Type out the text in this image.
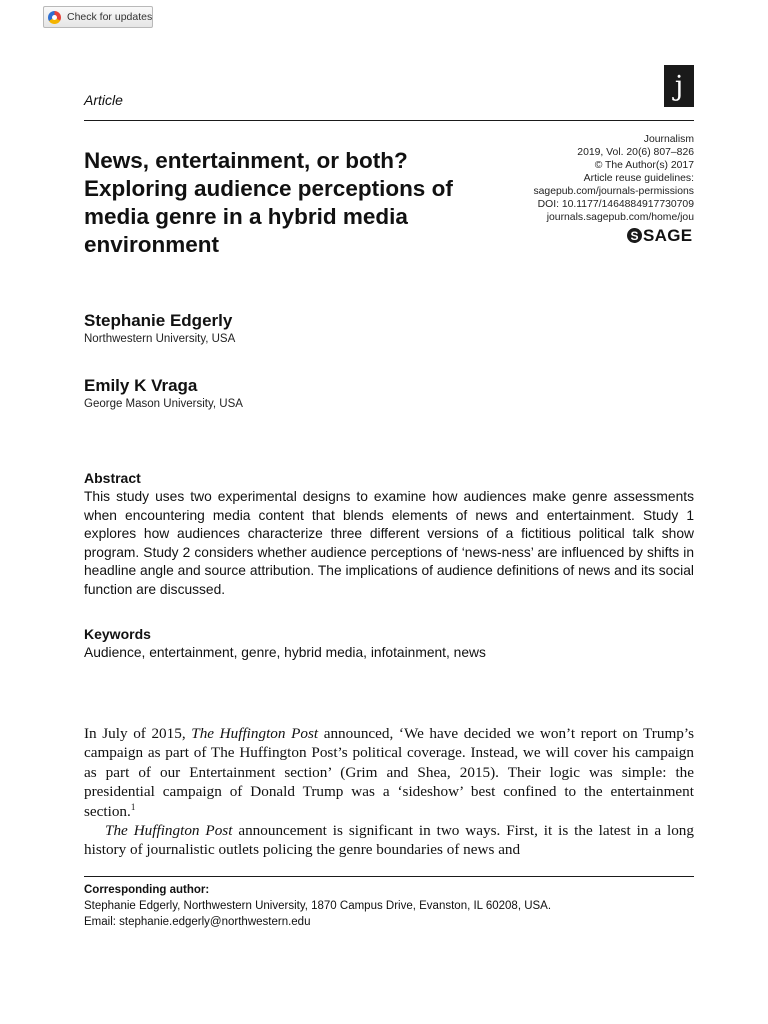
Check for updates
j
Article
News, entertainment, or both? Exploring audience perceptions of media genre in a hybrid media environment
Journalism
2019, Vol. 20(6) 807–826
© The Author(s) 2017
Article reuse guidelines:
sagepub.com/journals-permissions
DOI: 10.1177/1464884917730709
journals.sagepub.com/home/jou
S SAGE
Stephanie Edgerly
Northwestern University, USA
Emily K Vraga
George Mason University, USA
Abstract

This study uses two experimental designs to examine how audiences make genre assessments when encountering media content that blends elements of news and entertainment. Study 1 explores how audiences characterize three different versions of a fictitious political talk show program. Study 2 considers whether audience perceptions of ‘news-ness’ are influenced by shifts in headline angle and source attribution. The implications of audience definitions of news and its social function are discussed.

Keywords
Audience, entertainment, genre, hybrid media, infotainment, news

In July of 2015, The Huffington Post announced, ‘We have decided we won’t report on Trump’s campaign as part of The Huffington Post’s political coverage. Instead, we will cover his campaign as part of our Entertainment section’ (Grim and Shea, 2015). Their logic was simple: the presidential campaign of Donald Trump was a ‘sideshow’ best confined to the entertainment section.$^1$

The Huffington Post announcement is significant in two ways. First, it is the latest in a long history of journalistic outlets policing the genre boundaries of news and

Corresponding author:
Stephanie Edgerly, Northwestern University, 1870 Campus Drive, Evanston, IL 60208, USA.
Email: stephanie.edgerly@northwestern.edu
